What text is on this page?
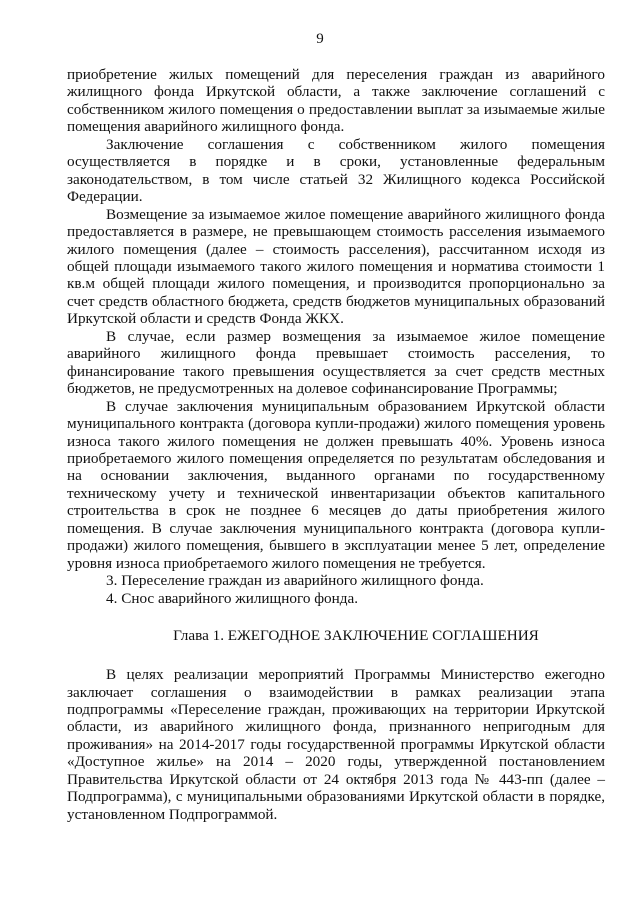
9

приобретение жилых помещений для переселения граждан из аварийного жилищного фонда Иркутской области, а также заключение соглашений с собственником жилого помещения о предоставлении выплат за изымаемые жилые помещения аварийного жилищного фонда.

Заключение соглашения с собственником жилого помещения осуществляется в порядке и в сроки, установленные федеральным законодательством, в том числе статьей 32 Жилищного кодекса Российской Федерации.

Возмещение за изымаемое жилое помещение аварийного жилищного фонда предоставляется в размере, не превышающем стоимость расселения изымаемого жилого помещения (далее – стоимость расселения), рассчитанном исходя из общей площади изымаемого такого жилого помещения и норматива стоимости 1 кв.м общей площади жилого помещения, и производится пропорционально за счет средств областного бюджета, средств бюджетов муниципальных образований Иркутской области и средств Фонда ЖКХ.

В случае, если размер возмещения за изымаемое жилое помещение аварийного жилищного фонда превышает стоимость расселения, то финансирование такого превышения осуществляется за счет средств местных бюджетов, не предусмотренных на долевое софинансирование Программы;

В случае заключения муниципальным образованием Иркутской области муниципального контракта (договора купли-продажи) жилого помещения уровень износа такого жилого помещения не должен превышать 40%. Уровень износа приобретаемого жилого помещения определяется по результатам обследования и на основании заключения, выданного органами по государственному техническому учету и технической инвентаризации объектов капитального строительства в срок не позднее 6 месяцев до даты приобретения жилого помещения. В случае заключения муниципального контракта (договора купли-продажи) жилого помещения, бывшего в эксплуатации менее 5 лет, определение уровня износа приобретаемого жилого помещения не требуется.

3. Переселение граждан из аварийного жилищного фонда.

4. Снос аварийного жилищного фонда.

Глава 1. ЕЖЕГОДНОЕ ЗАКЛЮЧЕНИЕ СОГЛАШЕНИЯ

В целях реализации мероприятий Программы Министерство ежегодно заключает соглашения о взаимодействии в рамках реализации этапа подпрограммы «Переселение граждан, проживающих на территории Иркутской области, из аварийного жилищного фонда, признанного непригодным для проживания» на 2014-2017 годы государственной программы Иркутской области «Доступное жилье» на 2014 – 2020 годы, утвержденной постановлением Правительства Иркутской области от 24 октября 2013 года № 443-пп (далее – Подпрограмма), с муниципальными образованиями Иркутской области в порядке, установленном Подпрограммой.
